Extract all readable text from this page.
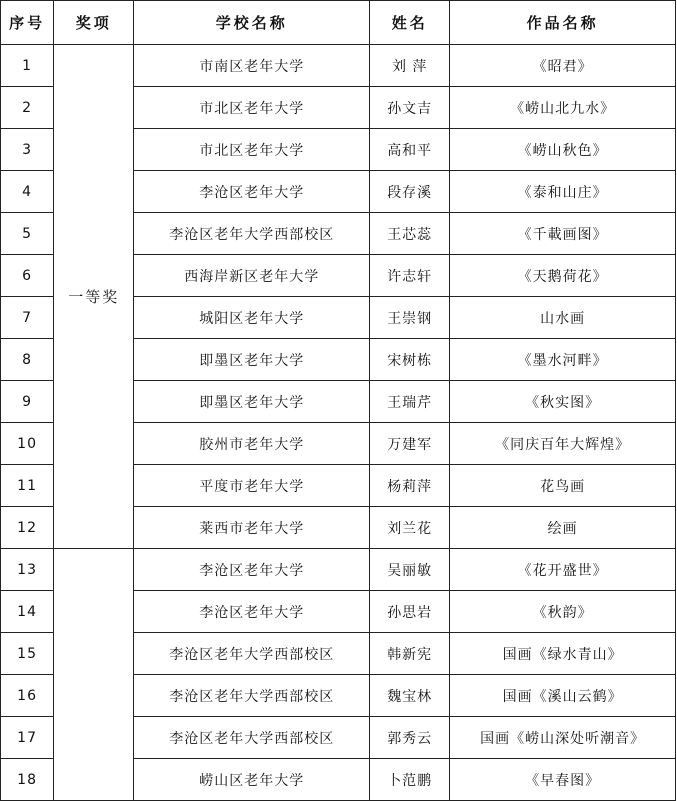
序号	奖项	学校名称	姓名	作品名称
1	一等奖	市南区老年大学	刘 萍	《昭君》
2		市北区老年大学	孙文吉	《崂山北九水》
3		市北区老年大学	高和平	《崂山秋色》
4		李沧区老年大学	段存溪	《泰和山庄》
5		李沧区老年大学西部校区	王芯蕊	《千載画图》
6		西海岸新区老年大学	许志轩	《天鹅荷花》
7		城阳区老年大学	王崇钢	山水画
8		即墨区老年大学	宋树栋	《墨水河畔》
9		即墨区老年大学	王瑞芹	《秋实图》
10		胶州市老年大学	万建军	《同庆百年大辉煌》
11		平度市老年大学	杨莉萍	花鸟画
12		莱西市老年大学	刘兰花	绘画
13		李沧区老年大学	吴丽敏	《花开盛世》
14		李沧区老年大学	孙思岩	《秋韵》
15		李沧区老年大学西部校区	韩新宪	国画《绿水青山》
16		李沧区老年大学西部校区	魏宝林	国画《溪山云鹤》
17		李沧区老年大学西部校区	郭秀云	国画《崂山深处听潮音》
18		崂山区老年大学	卜范鹏	《早春图》
